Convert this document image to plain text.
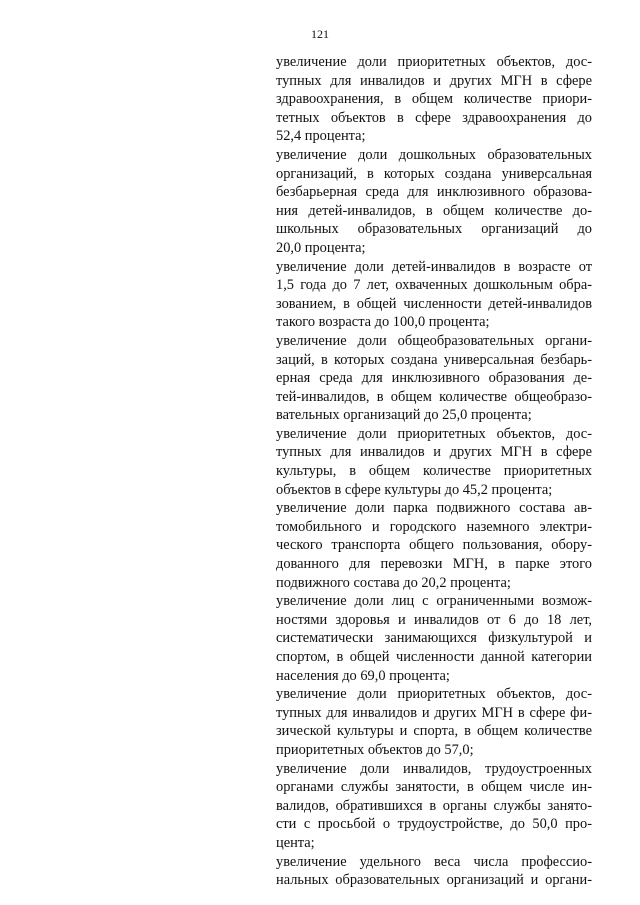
121
увеличение доли приоритетных объектов, дос-
тупных для инвалидов и других МГН в сфере
здравоохранения, в общем количестве приори-
тетных объектов в сфере здравоохранения до
52,4 процента;
увеличение доли дошкольных образовательных
организаций, в которых создана универсальная
безбарьерная среда для инклюзивного образова-
ния детей-инвалидов, в общем количестве до-
школьных образовательных организаций до
20,0 процента;
увеличение доли детей-инвалидов в возрасте от
1,5 года до 7 лет, охваченных дошкольным обра-
зованием, в общей численности детей-инвалидов
такого возраста до 100,0 процента;
увеличение доли общеобразовательных органи-
заций, в которых создана универсальная безбарь-
ерная среда для инклюзивного образования де-
тей-инвалидов, в общем количестве общеобразо-
вательных организаций до 25,0 процента;
увеличение доли приоритетных объектов, дос-
тупных для инвалидов и других МГН в сфере
культуры, в общем количестве приоритетных
объектов в сфере культуры до 45,2 процента;
увеличение доли парка подвижного состава ав-
томобильного и городского наземного электри-
ческого транспорта общего пользования, обору-
дованного для перевозки МГН, в парке этого
подвижного состава до 20,2 процента;
увеличение доли лиц с ограниченными возмож-
ностями здоровья и инвалидов от 6 до 18 лет,
систематически занимающихся физкультурой и
спортом, в общей численности данной категории
населения до 69,0 процента;
увеличение доли приоритетных объектов, дос-
тупных для инвалидов и других МГН в сфере фи-
зической культуры и спорта, в общем количестве
приоритетных объектов до 57,0;
увеличение доли инвалидов, трудоустроенных
органами службы занятости, в общем числе ин-
валидов, обратившихся в органы службы занято-
сти с просьбой о трудоустройстве, до 50,0 про-
цента;
увеличение удельного веса числа профессио-
нальных образовательных организаций и органи-
